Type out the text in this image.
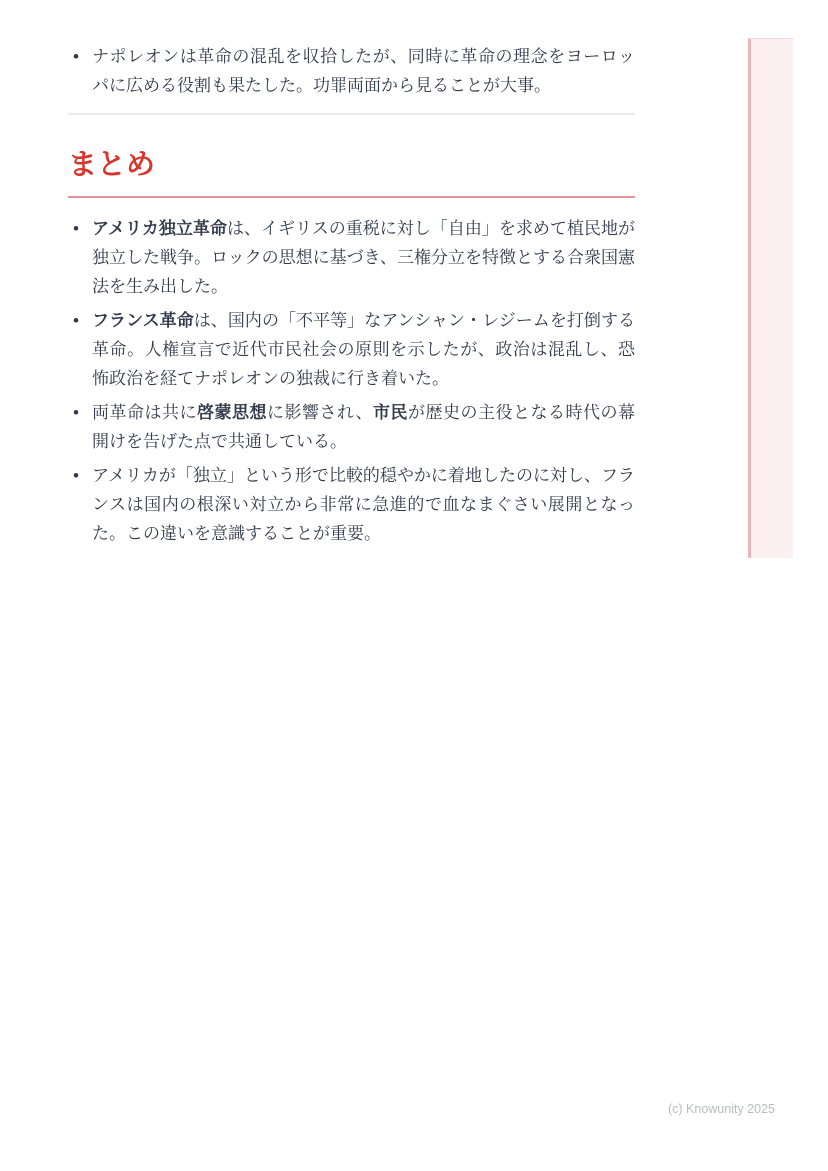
• ナポレオンは革命の混乱を収拾したが、同時に革命の理念をヨーロッパに広める役割も果たした。功罪両面から見ることが大事。
まとめ
• アメリカ独立革命は、イギリスの重税に対し「自由」を求めて植民地が独立した戦争。ロックの思想に基づき、三権分立を特徴とする合衆国憲法を生み出した。
• フランス革命は、国内の「不平等」なアンシャン・レジームを打倒する革命。人権宣言で近代市民社会の原則を示したが、政治は混乱し、恐怖政治を経てナポレオンの独裁に行き着いた。
• 両革命は共に啓蒙思想に影響され、市民が歴史の主役となる時代の幕開けを告げた点で共通している。
• アメリカが「独立」という形で比較的穏やかに着地したのに対し、フランスは国内の根深い対立から非常に急進的で血なまぐさい展開となった。この違いを意識することが重要。
(c) Knowunity 2025
